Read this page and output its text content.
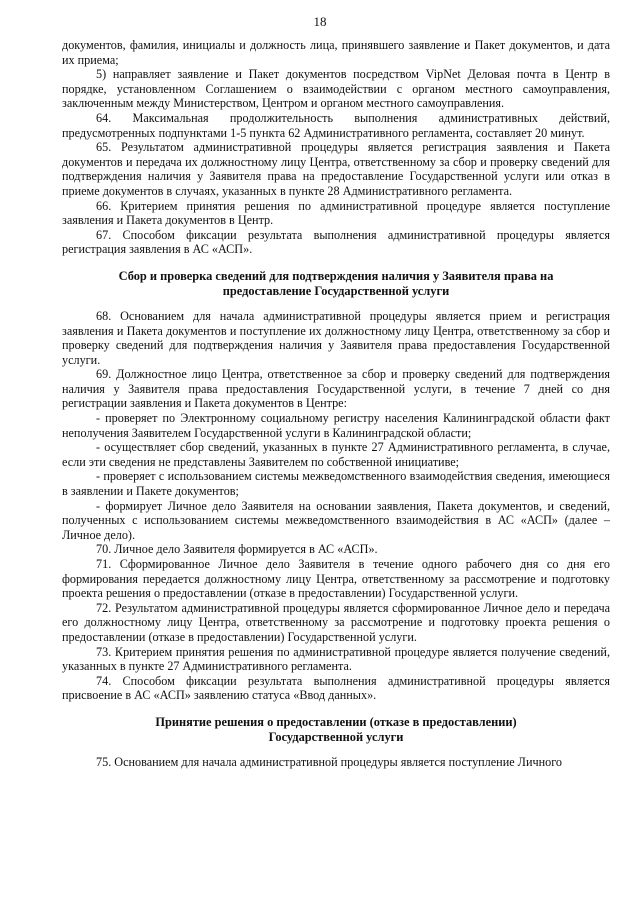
18

документов, фамилия, инициалы и должность лица, принявшего заявление и Пакет документов, и дата их приема;

5) направляет заявление и Пакет документов посредством VipNet Деловая почта в Центр в порядке, установленном Соглашением о взаимодействии с органом местного самоуправления, заключенным между Министерством, Центром и органом местного самоуправления.

64. Максимальная продолжительность выполнения административных действий, предусмотренных подпунктами 1-5 пункта 62 Административного регламента, составляет 20 минут.

65. Результатом административной процедуры является регистрация заявления и Пакета документов и передача их должностному лицу Центра, ответственному за сбор и проверку сведений для подтверждения наличия у Заявителя права на предоставление Государственной услуги или отказ в приеме документов в случаях, указанных в пункте 28 Административного регламента.

66. Критерием принятия решения по административной процедуре является поступление заявления и Пакета документов в Центр.

67. Способом фиксации результата выполнения административной процедуры является регистрация заявления в АС «АСП».

Сбор и проверка сведений для подтверждения наличия у Заявителя права на
предоставление Государственной услуги

68. Основанием для начала административной процедуры является прием и регистрация заявления и Пакета документов и поступление их должностному лицу Центра, ответственному за сбор и проверку сведений для подтверждения наличия у Заявителя права предоставления Государственной услуги.

69. Должностное лицо Центра, ответственное за сбор и проверку сведений для подтверждения наличия у Заявителя права предоставления Государственной услуги, в течение 7 дней со дня регистрации заявления и Пакета документов в Центре:

- проверяет по Электронному социальному регистру населения Калининградской области факт неполучения Заявителем Государственной услуги в Калининградской области;

- осуществляет сбор сведений, указанных в пункте 27 Административного регламента, в случае, если эти сведения не представлены Заявителем по собственной инициативе;

- проверяет с использованием системы межведомственного взаимодействия сведения, имеющиеся в заявлении и Пакете документов;

- формирует Личное дело Заявителя на основании заявления, Пакета документов, и сведений, полученных с использованием системы межведомственного взаимодействия в АС «АСП» (далее – Личное дело).

70. Личное дело Заявителя формируется в АС «АСП».

71. Сформированное Личное дело Заявителя в течение одного рабочего дня со дня его формирования передается должностному лицу Центра, ответственному за рассмотрение и подготовку проекта решения о предоставлении (отказе в предоставлении) Государственной услуги.

72. Результатом административной процедуры является сформированное Личное дело и передача его должностному лицу Центра, ответственному за рассмотрение и подготовку проекта решения о предоставлении (отказе в предоставлении) Государственной услуги.

73. Критерием принятия решения по административной процедуре является получение сведений, указанных в пункте 27 Административного регламента.

74. Способом фиксации результата выполнения административной процедуры является присвоение в АС «АСП» заявлению статуса «Ввод данных».

Принятие решения о предоставлении (отказе в предоставлении)
Государственной услуги

75. Основанием для начала административной процедуры является поступление Личного
